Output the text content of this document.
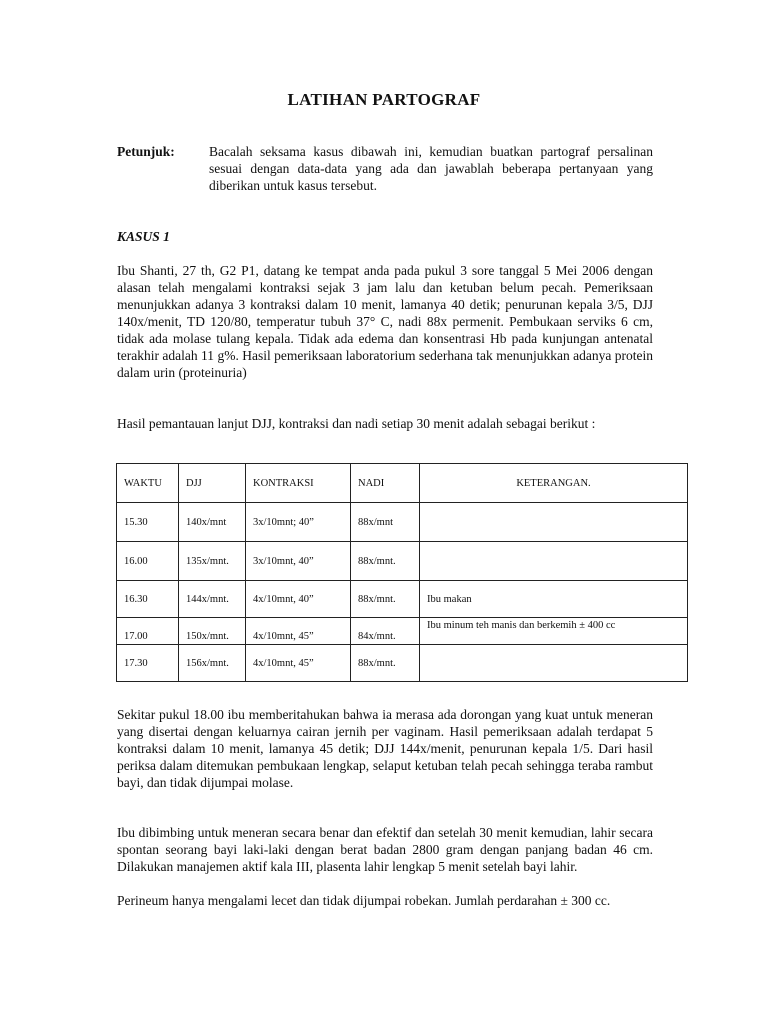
LATIHAN PARTOGRAF
Petunjuk:	Bacalah seksama kasus dibawah ini, kemudian buatkan partograf persalinan sesuai dengan data-data yang ada dan jawablah beberapa pertanyaan yang diberikan untuk kasus tersebut.
KASUS 1

Ibu Shanti, 27 th, G2 P1, datang ke tempat anda pada pukul 3 sore tanggal 5 Mei 2006 dengan alasan telah mengalami kontraksi sejak 3 jam lalu dan ketuban belum pecah. Pemeriksaan menunjukkan adanya 3 kontraksi dalam 10 menit, lamanya 40 detik; penurunan kepala 3/5, DJJ 140x/menit, TD 120/80, temperatur tubuh 37° C, nadi 88x permenit. Pembukaan serviks 6 cm, tidak ada molase tulang kepala. Tidak ada edema dan konsentrasi Hb pada kunjungan antenatal terakhir adalah 11 g%. Hasil pemeriksaan laboratorium sederhana tak menunjukkan adanya protein dalam urin (proteinuria)

Hasil pemantauan lanjut DJJ, kontraksi dan nadi setiap 30 menit adalah sebagai berikut :

WAKTU	DJJ	KONTRAKSI	NADI	KETERANGAN.
15.30	140x/mnt	3x/10mnt; 40”	88x/mnt	
16.00	135x/mnt.	3x/10mnt, 40”	88x/mnt.	
16.30	144x/mnt.	4x/10mnt, 40”	88x/mnt.	Ibu makan
17.00	150x/mnt.	4x/10mnt, 45”	84x/mnt.	Ibu minum teh manis dan berkemih ± 400 cc
17.30	156x/mnt.	4x/10mnt, 45”	88x/mnt.	

Sekitar pukul 18.00 ibu memberitahukan bahwa ia merasa ada dorongan yang kuat untuk meneran yang disertai dengan keluarnya cairan jernih per vaginam. Hasil pemeriksaan adalah terdapat 5 kontraksi dalam 10 menit, lamanya 45 detik; DJJ 144x/menit, penurunan kepala 1/5. Dari hasil periksa dalam ditemukan pembukaan lengkap, selaput ketuban telah pecah sehingga teraba rambut bayi, dan tidak dijumpai molase.

Ibu dibimbing untuk meneran secara benar dan efektif dan setelah 30 menit kemudian, lahir secara spontan seorang bayi laki-laki dengan berat badan 2800 gram dengan panjang badan 46 cm. Dilakukan manajemen aktif kala III, plasenta lahir lengkap 5 menit setelah bayi lahir.

Perineum hanya mengalami lecet dan tidak dijumpai robekan. Jumlah perdarahan ± 300 cc.
